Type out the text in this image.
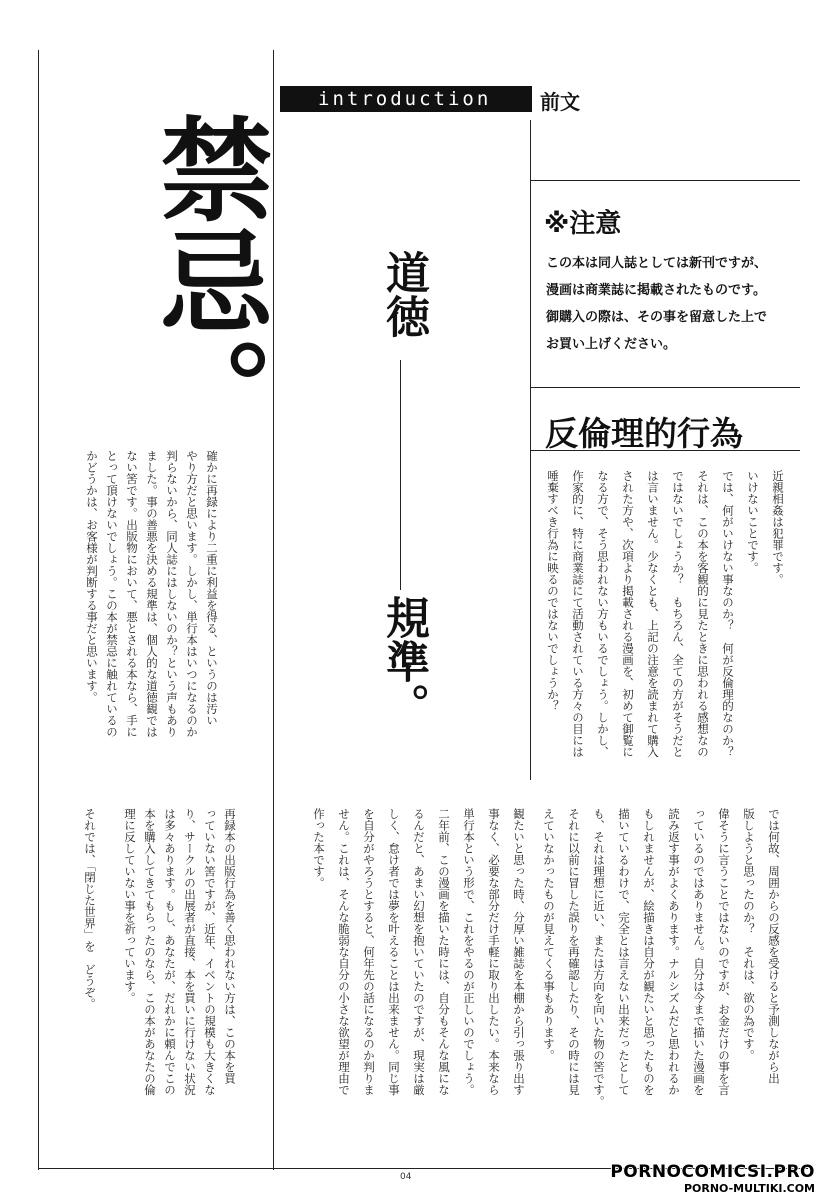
introduction 前文
禁忌。 道徳
規準。
※注意
この本は同人誌としては新刊ですが、
漫画は商業誌に掲載されたものです。
御購入の際は、その事を留意した上で
お買い上げください。
反倫理的行為
確かに再録により二重に利益を得る、というのは汚い
やり方だと思います。しかし、単行本はいつになるのか
判らないから、同人誌にはしないのか？という声もあり
ました。事の善悪を決める規準は、個人的な道徳観では
ない筈です。出版物において、悪とされる本なら、手に
とって頂けないでしょう。この本が禁忌に触れているの
かどうかは、お客様が判断する事だと思います。
再録本の出版行為を善く思われない方は、この本を買
っていない筈ですが、近年、イベントの規模も大きくな
り、サークルの出展者が直接、本を買いに行けない状況
は多々あります。もし、あなたが、だれかに頼んでこの
本を購入してきてもらったのなら、この本があなたの倫
理に反していない事を祈っています。

それでは、「閉じた世界」を　どうぞ。	観たいと思った時、分厚い雑誌を本棚から引っ張り出す
事なく、必要な部分だけ手軽に取り出したい。本来なら
単行本という形で、これをやるのが正しいのでしょう。
二年前、この漫画を描いた時には、自分もそんな風にな
るんだと、あまい幻想を抱いていたのですが、現実は厳
しく、怠け者では夢を叶えることは出来ません。同じ事
を自分がやろうとすると、何年先の話になるのか判りま
せん。これは、そんな脆弱な自分の小さな欲望が理由で
作った本です。
近親相姦は犯罪です。
いけないことです。
では、何がいけない事なのか？　何が反倫理的なのか？
それは、この本を客観的に見たときに思われる感想なの
ではないでしょうか？　もちろん、全ての方がそうだと
は言いません。少なくとも、上記の注意を読まれて購入
された方や、次項より掲載される漫画を、初めて御覧に
なる方で、そう思われない方もいるでしょう。しかし、
作家的に、特に商業誌にて活動されている方々の目には
唾棄すべき行為に映るのではないでしょうか？
では何故、周囲からの反感を受けると予測しながら出
版しようと思ったのか？　それは、欲の為です。
偉そうに言うことではないのですが、お金だけの事を言
っているのではありません。自分は今まで描いた漫画を
読み返す事がよくあります。ナルシズムだと思われるか
もしれませんが、絵描きは自分が観たいと思ったものを
描いているわけで、完全とは言えない出来だったとして
も、それは理想に近い、または方向を向いた物の筈です。
それに以前に冒した誤りを再確認したり、その時には見
えていなかったものが見えてくる事もあります。
04	PORNOCOMICSI.PRO
PORNO-MULTIKI.COM
